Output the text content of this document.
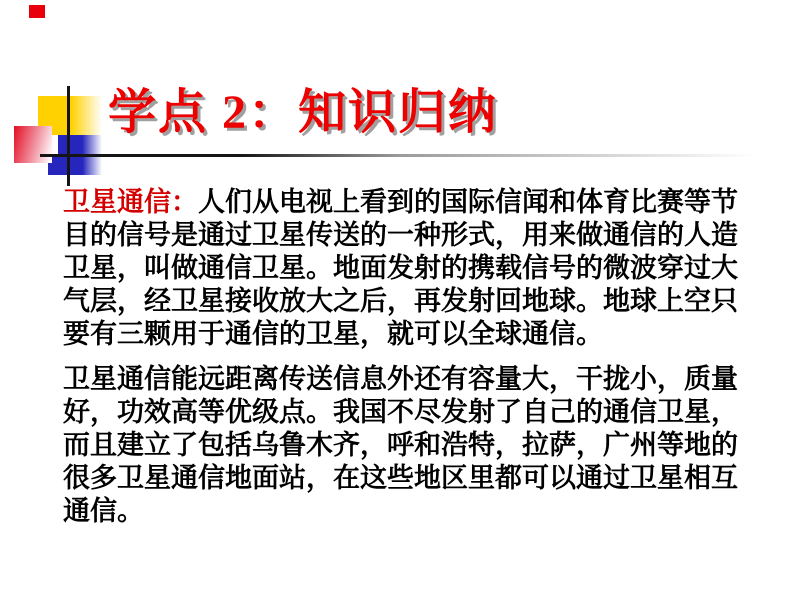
学点 2：知识归纳
卫星通信：人们从电视上看到的国际信闻和体育比赛等节
目的信号是通过卫星传送的一种形式，用来做通信的人造
卫星，叫做通信卫星。地面发射的携载信号的微波穿过大
气层，经卫星接收放大之后，再发射回地球。地球上空只
要有三颗用于通信的卫星，就可以全球通信。
卫星通信能远距离传送信息外还有容量大，干拢小，质量
好，功效高等优级点。我国不尽发射了自己的通信卫星，
而且建立了包括乌鲁木齐，呼和浩特，拉萨，广州等地的
很多卫星通信地面站，在这些地区里都可以通过卫星相互
通信。
